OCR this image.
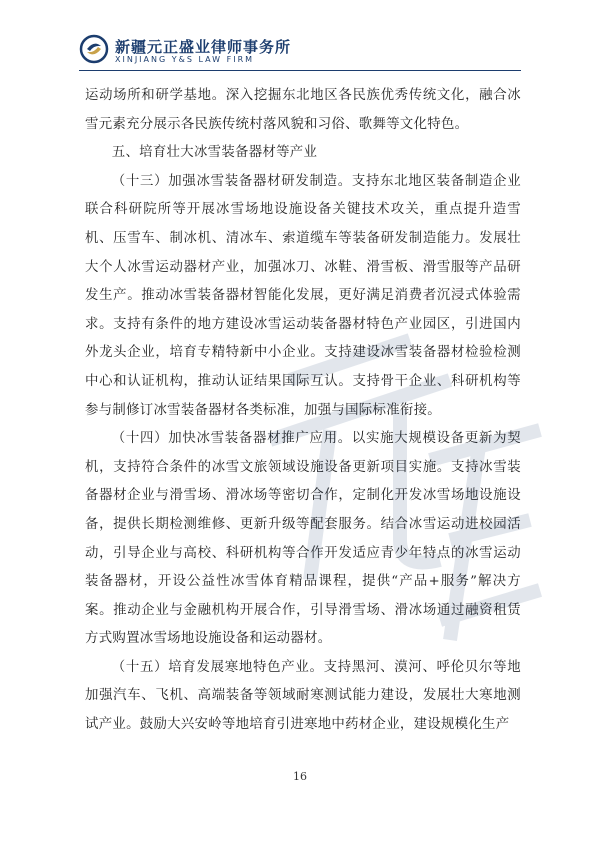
新疆元正盛业律师事务所
XINJIANG Y&S LAW FIRM

运动场所和研学基地。深入挖掘东北地区各民族优秀传统文化，融合冰雪元素充分展示各民族传统村落风貌和习俗、歌舞等文化特色。

五、培育壮大冰雪装备器材等产业

（十三）加强冰雪装备器材研发制造。支持东北地区装备制造企业联合科研院所等开展冰雪场地设施设备关键技术攻关，重点提升造雪机、压雪车、制冰机、清冰车、索道缆车等装备研发制造能力。发展壮大个人冰雪运动器材产业，加强冰刀、冰鞋、滑雪板、滑雪服等产品研发生产。推动冰雪装备器材智能化发展，更好满足消费者沉浸式体验需求。支持有条件的地方建设冰雪运动装备器材特色产业园区，引进国内外龙头企业，培育专精特新中小企业。支持建设冰雪装备器材检验检测中心和认证机构，推动认证结果国际互认。支持骨干企业、科研机构等参与制修订冰雪装备器材各类标准，加强与国际标准衔接。

（十四）加快冰雪装备器材推广应用。以实施大规模设备更新为契机，支持符合条件的冰雪文旅领域设施设备更新项目实施。支持冰雪装备器材企业与滑雪场、滑冰场等密切合作，定制化开发冰雪场地设施设备，提供长期检测维修、更新升级等配套服务。结合冰雪运动进校园活动，引导企业与高校、科研机构等合作开发适应青少年特点的冰雪运动装备器材，开设公益性冰雪体育精品课程，提供“产品+服务”解决方案。推动企业与金融机构开展合作，引导滑雪场、滑冰场通过融资租赁方式购置冰雪场地设施设备和运动器材。

（十五）培育发展寒地特色产业。支持黑河、漠河、呼伦贝尔等地加强汽车、飞机、高端装备等领域耐寒测试能力建设，发展壮大寒地测试产业。鼓励大兴安岭等地培育引进寒地中药材企业，建设规模化生产

16
